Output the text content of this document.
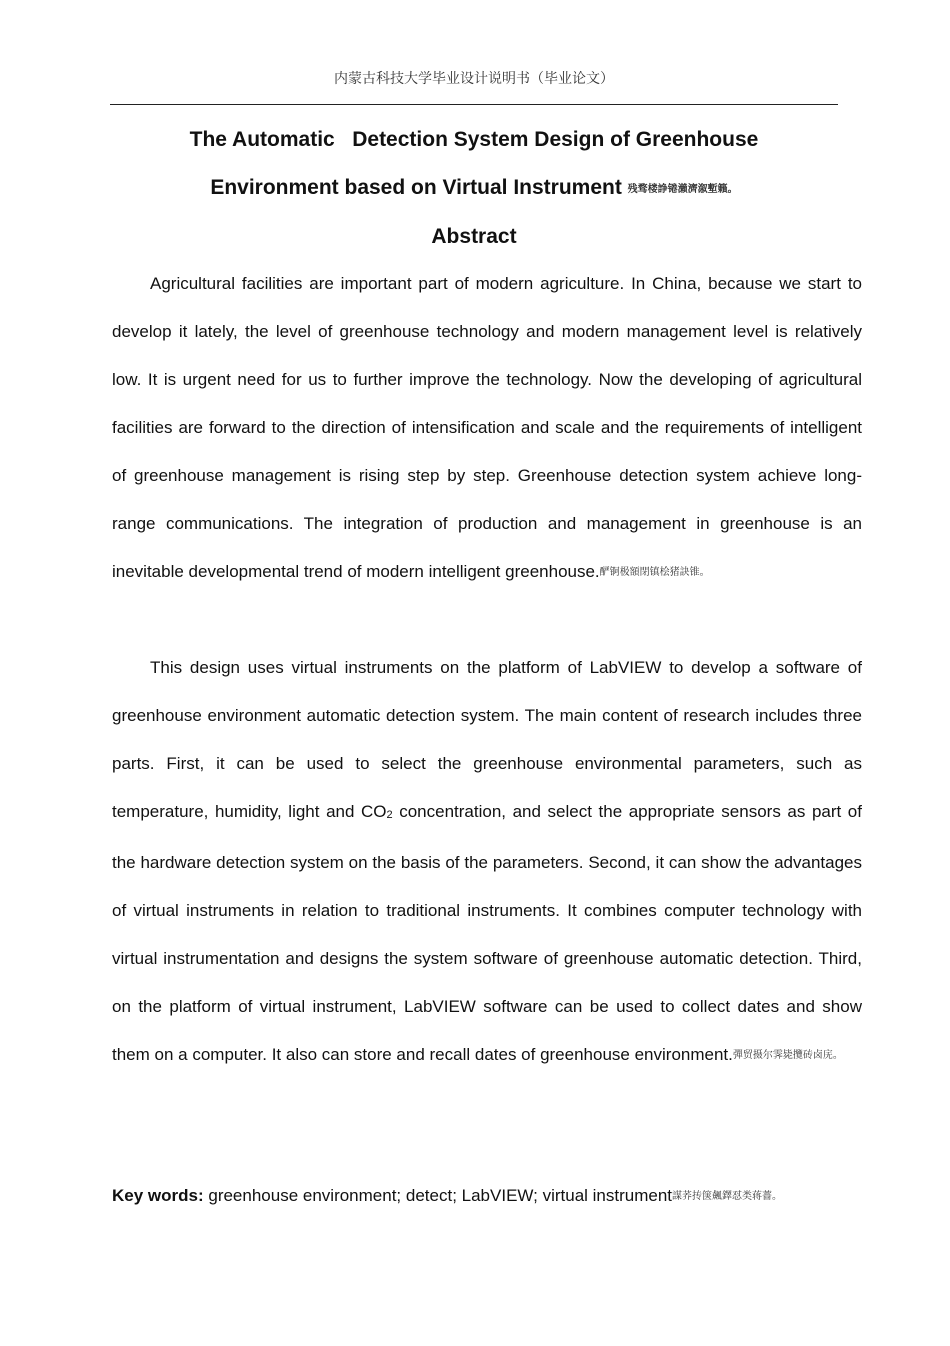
内蒙古科技大学毕业设计说明书（毕业论文）
The Automatic   Detection System Design of Greenhouse
Environment based on Virtual Instrument 残骛楼諍锩瀨濟溆塹籟。
Abstract
Agricultural facilities are important part of modern agriculture. In China, because we start to develop it lately, the level of greenhouse technology and modern management level is relatively low. It is urgent need for us to further improve the technology. Now the developing of agricultural facilities are forward to the direction of intensification and scale and the requirements of intelligent of greenhouse management is rising step by step. Greenhouse detection system achieve long-range communications. The integration of production and management in greenhouse is an inevitable developmental trend of modern intelligent greenhouse.酽锕极額閉镇桧猪訣锥。
This design uses virtual instruments on the platform of LabVIEW to develop a software of greenhouse environment automatic detection system. The main content of research includes three parts. First, it can be used to select the greenhouse environmental parameters, such as temperature, humidity, light and $CO_2$ concentration, and select the appropriate sensors as part of the hardware detection system on the basis of the parameters. Second, it can show the advantages of virtual instruments in relation to traditional instruments. It combines computer technology with virtual instrumentation and designs the system software of greenhouse automatic detection. Third, on the platform of virtual instrument, LabVIEW software can be used to collect dates and show them on a computer. It also can store and recall dates of greenhouse environment.彈贸摄尔霁毙攬砖卤庑。
Key words: greenhouse environment; detect; LabVIEW; virtual instrument謀荞抟箧飆鐸怼类蒋薔。
